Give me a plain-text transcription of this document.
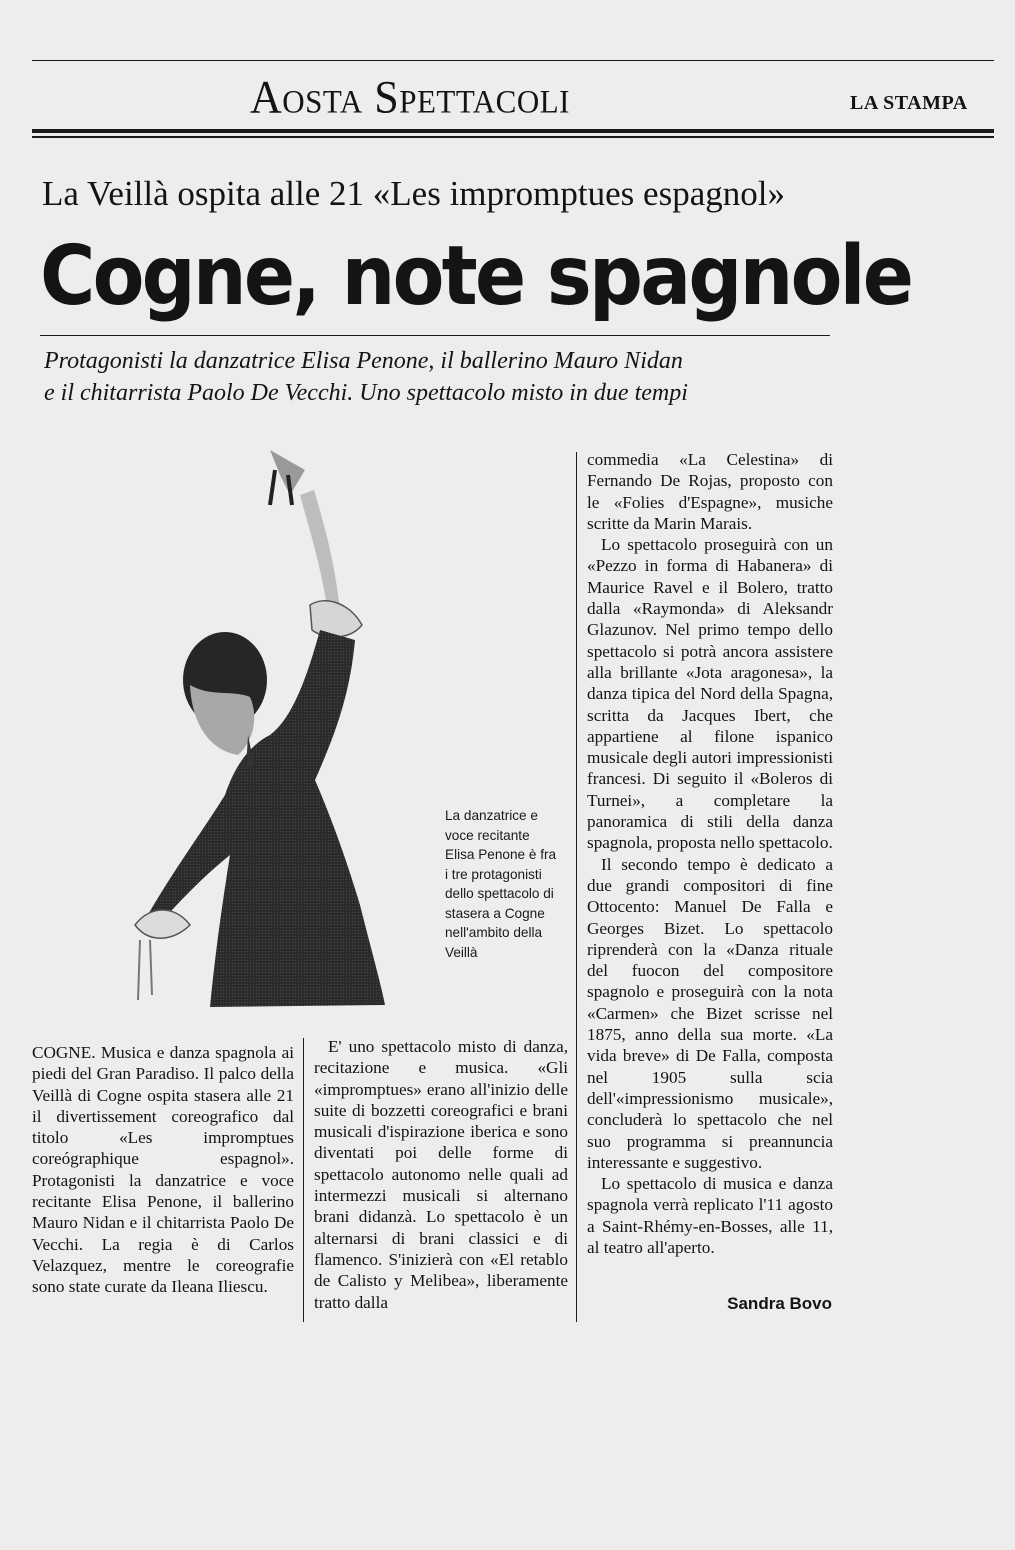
Aosta Spettacoli	LA STAMPA
La Veillà ospita alle 21 «Les impromptues espagnol»
Cogne, note spagnole
Protagonisti la danzatrice Elisa Penone, il ballerino Mauro Nidan
e il chitarrista Paolo De Vecchi. Uno spettacolo misto in due tempi
La danzatrice e voce recitante Elisa Penone è fra i tre protagonisti dello spettacolo di stasera a Cogne nell'ambito della Veillà

COGNE. Musica e danza spagnola ai piedi del Gran Paradiso. Il palco della Veillà di Cogne ospita stasera alle 21 il divertissement coreografico dal titolo «Les impromptues coreógraphique espagnol». Protagonisti la danzatrice e voce recitante Elisa Penone, il ballerino Mauro Nidan e il chitarrista Paolo De Vecchi. La regia è di Carlos Velazquez, mentre le coreografie sono state curate da Ileana Iliescu.

E' uno spettacolo misto di danza, recitazione e musica. «Gli «impromptues» erano all'inizio delle suite di bozzetti coreografici e brani musicali d'ispirazione iberica e sono diventati poi delle forme di spettacolo autonomo nelle quali ad intermezzi musicali si alternano brani didanzà. Lo spettacolo è un alternarsi di brani classici e di flamenco. S'inizierà con «El retablo de Calisto y Melibea», liberamente tratto dalla

commedia «La Celestina» di Fernando De Rojas, proposto con le «Folies d'Espagne», musiche scritte da Marin Marais.

Lo spettacolo proseguirà con un «Pezzo in forma di Habanera» di Maurice Ravel e il Bolero, tratto dalla «Raymonda» di Aleksandr Glazunov. Nel primo tempo dello spettacolo si potrà ancora assistere alla brillante «Jota aragonesa», la danza tipica del Nord della Spagna, scritta da Jacques Ibert, che appartiene al filone ispanico musicale degli autori impressionisti francesi. Di seguito il «Boleros di Turnei», a completare la panoramica di stili della danza spagnola, proposta nello spettacolo.

Il secondo tempo è dedicato a due grandi compositori di fine Ottocento: Manuel De Falla e Georges Bizet. Lo spettacolo riprenderà con la «Danza rituale del fuocon del compositore spagnolo e proseguirà con la nota «Carmen» che Bizet scrisse nel 1875, anno della sua morte. «La vida breve» di De Falla, composta nel 1905 sulla scia dell'«impressionismo musicale», concluderà lo spettacolo che nel suo programma si preannuncia interessante e suggestivo.

Lo spettacolo di musica e danza spagnola verrà replicato l'11 agosto a Saint-Rhémy-en-Bosses, alle 11, al teatro all'aperto.

Sandra Bovo
